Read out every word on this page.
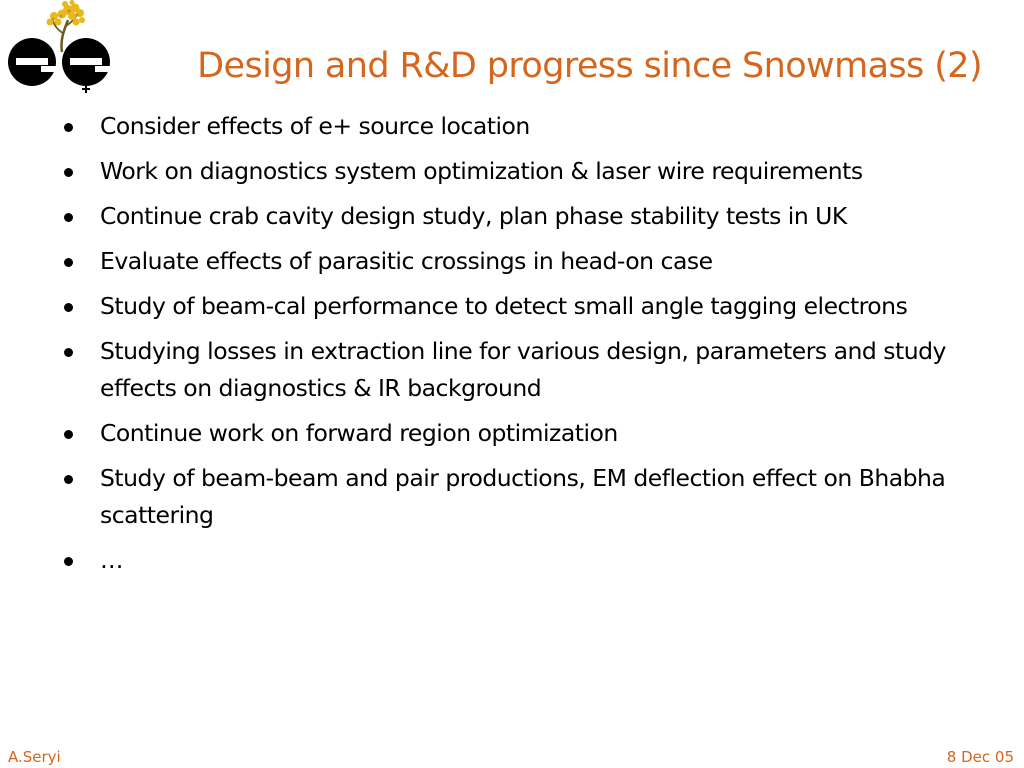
Design and R&D progress since Snowmass (2)
Consider effects of e+ source location
Work on diagnostics system optimization & laser wire requirements
Continue crab cavity design study, plan phase stability tests in UK
Evaluate effects of parasitic crossings in head-on case
Study of beam-cal performance to detect small angle tagging electrons
Studying losses in extraction line for various design, parameters and study effects on diagnostics & IR background
Continue work on forward region optimization
Study of beam-beam and pair productions, EM deflection effect on Bhabha scattering
…
A.Seryi	8 Dec 05
